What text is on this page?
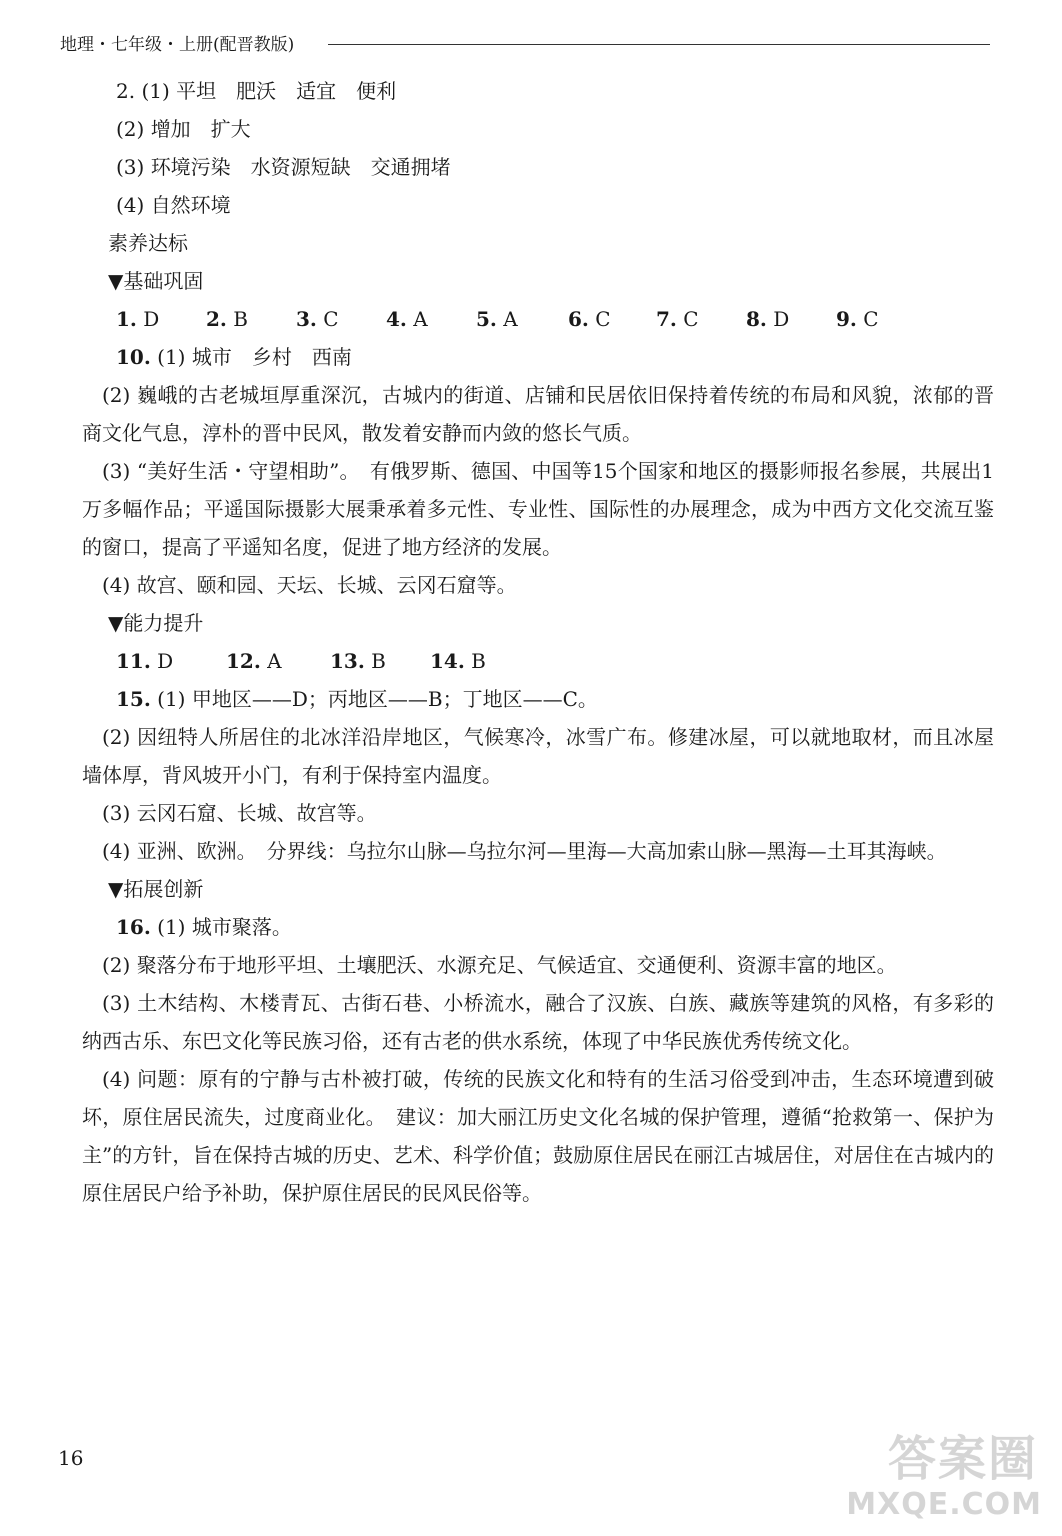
地理・七年级・上册(配晋教版)
2. (1) 平坦　肥沃　适宜　便利
(2) 增加　扩大
(3) 环境污染　水资源短缺　交通拥堵
(4) 自然环境
素养达标
▼基础巩固
1. D	2. B	3. C	4. A	5. A	6. C	7. C	8. D	9. C
10. (1) 城市　乡村　西南
(2) 巍峨的古老城垣厚重深沉，古城内的街道、店铺和民居依旧保持着传统的布局和风貌，浓郁的晋商文化气息，淳朴的晋中民风，散发着安静而内敛的悠长气质。
(3) “美好生活・守望相助”。　有俄罗斯、德国、中国等15个国家和地区的摄影师报名参展，共展出1万多幅作品；平遥国际摄影大展秉承着多元性、专业性、国际性的办展理念，成为中西方文化交流互鉴的窗口，提高了平遥知名度，促进了地方经济的发展。
(4) 故宫、颐和园、天坛、长城、云冈石窟等。
▼能力提升
11. D	12. A	13. B	14. B
15. (1) 甲地区——D；丙地区——B；丁地区——C。
(2) 因纽特人所居住的北冰洋沿岸地区，气候寒冷，冰雪广布。修建冰屋，可以就地取材，而且冰屋墙体厚，背风坡开小门，有利于保持室内温度。
(3) 云冈石窟、长城、故宫等。
(4) 亚洲、欧洲。　分界线：乌拉尔山脉—乌拉尔河—里海—大高加索山脉—黑海—土耳其海峡。
▼拓展创新
16. (1) 城市聚落。
(2) 聚落分布于地形平坦、土壤肥沃、水源充足、气候适宜、交通便利、资源丰富的地区。
(3) 土木结构、木楼青瓦、古街石巷、小桥流水，融合了汉族、白族、藏族等建筑的风格，有多彩的纳西古乐、东巴文化等民族习俗，还有古老的供水系统，体现了中华民族优秀传统文化。
(4) 问题：原有的宁静与古朴被打破，传统的民族文化和特有的生活习俗受到冲击，生态环境遭到破坏，原住居民流失，过度商业化。　建议：加大丽江历史文化名城的保护管理，遵循“抢救第一、保护为主”的方针，旨在保持古城的历史、艺术、科学价值；鼓励原住居民在丽江古城居住，对居住在古城内的原住居民户给予补助，保护原住居民的民风民俗等。
16	答案圈
MXQE.COM
